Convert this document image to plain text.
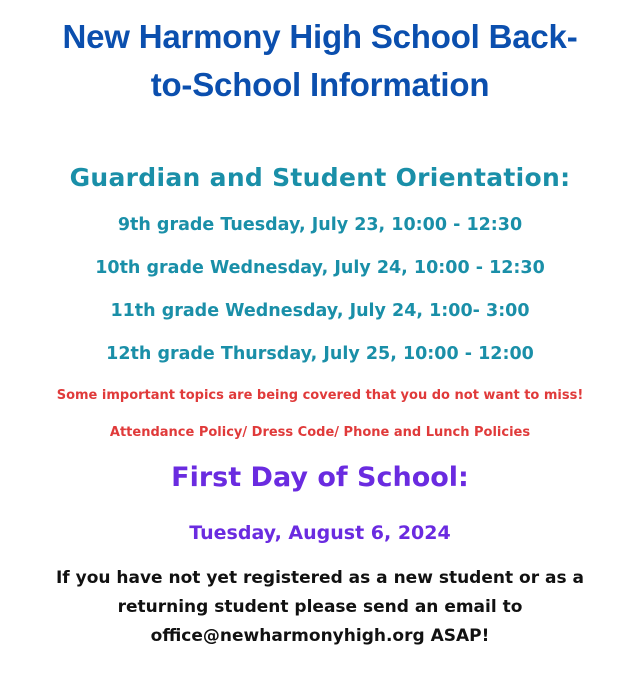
New Harmony High School Back-
to-School Information
Guardian and Student Orientation:
9th grade Tuesday, July 23, 10:00 - 12:30
10th grade Wednesday, July 24, 10:00 - 12:30
11th grade Wednesday, July 24, 1:00- 3:00
12th grade Thursday, July 25, 10:00 - 12:00
Some important topics are being covered that you do not want to miss!
Attendance Policy/ Dress Code/ Phone and Lunch Policies
First Day of School:
Tuesday, August 6, 2024
If you have not yet registered as a new student or as a
returning student please send an email to
office@newharmonyhigh.org ASAP!
